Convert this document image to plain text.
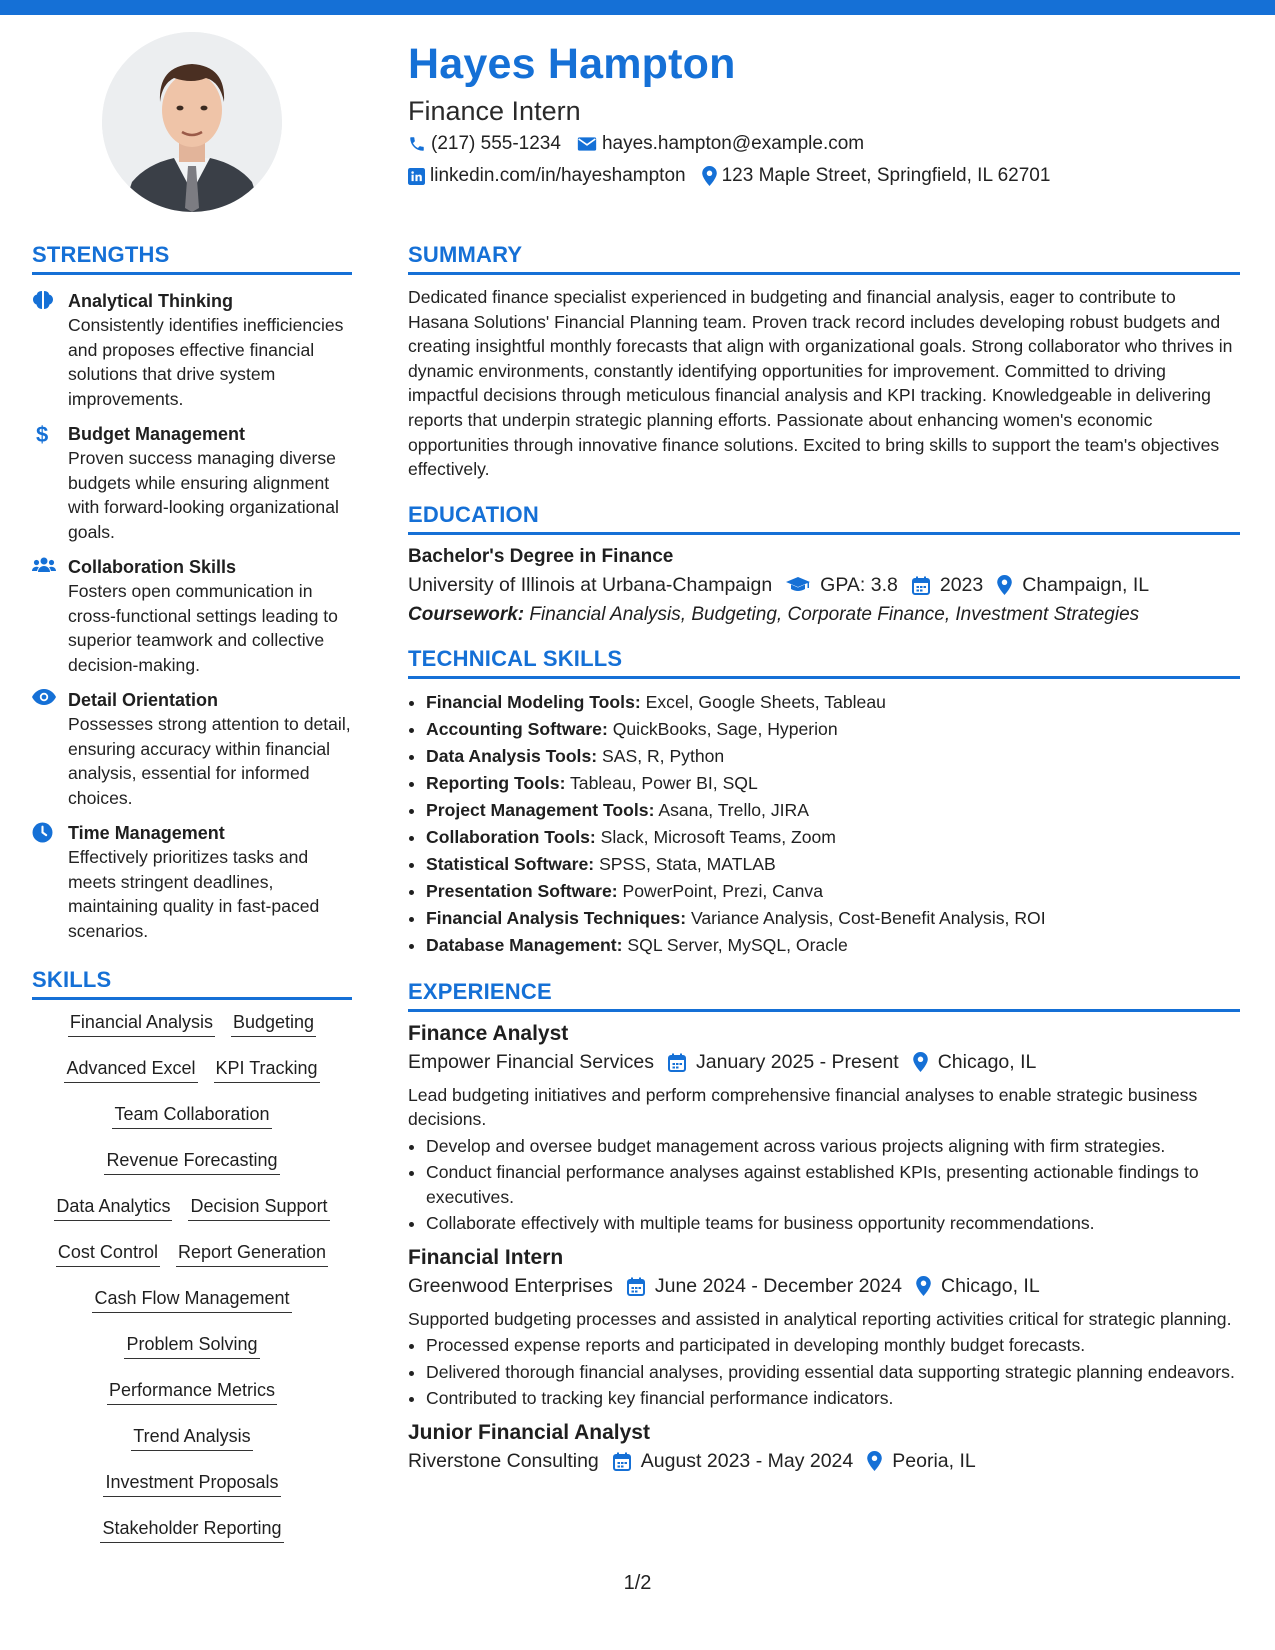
Hayes Hampton
Finance Intern
(217) 555-1234 hayes.hampton@example.com
linkedin.com/in/hayeshampton 123 Maple Street, Springfield, IL 62701
STRENGTHS
Analytical Thinking
Consistently identifies inefficiencies and proposes effective financial solutions that drive system improvements.
$ Budget Management
Proven success managing diverse budgets while ensuring alignment with forward-looking organizational goals.
Collaboration Skills
Fosters open communication in cross-functional settings leading to superior teamwork and collective decision-making.
Detail Orientation
Possesses strong attention to detail, ensuring accuracy within financial analysis, essential for informed choices.
Time Management
Effectively prioritizes tasks and meets stringent deadlines, maintaining quality in fast-paced scenarios.
SKILLS
Financial Analysis Budgeting
Advanced Excel KPI Tracking
Team Collaboration
Revenue Forecasting
Data Analytics Decision Support
Cost Control Report Generation
Cash Flow Management
Problem Solving
Performance Metrics
Trend Analysis
Investment Proposals
Stakeholder Reporting
SUMMARY

Dedicated finance specialist experienced in budgeting and financial analysis, eager to contribute to Hasana Solutions' Financial Planning team. Proven track record includes developing robust budgets and creating insightful monthly forecasts that align with organizational goals. Strong collaborator who thrives in dynamic environments, constantly identifying opportunities for improvement. Committed to driving impactful decisions through meticulous financial analysis and KPI tracking. Knowledgeable in delivering reports that underpin strategic planning efforts. Passionate about enhancing women's economic opportunities through innovative finance solutions. Excited to bring skills to support the team's objectives effectively.

EDUCATION
Bachelor's Degree in Finance
University of Illinois at Urbana-Champaign GPA: 3.8 2023 Champaign, IL
Coursework: Financial Analysis, Budgeting, Corporate Finance, Investment Strategies
TECHNICAL SKILLS
• Financial Modeling Tools: Excel, Google Sheets, Tableau
• Accounting Software: QuickBooks, Sage, Hyperion
• Data Analysis Tools: SAS, R, Python
• Reporting Tools: Tableau, Power BI, SQL
• Project Management Tools: Asana, Trello, JIRA
• Collaboration Tools: Slack, Microsoft Teams, Zoom
• Statistical Software: SPSS, Stata, MATLAB
• Presentation Software: PowerPoint, Prezi, Canva
• Financial Analysis Techniques: Variance Analysis, Cost-Benefit Analysis, ROI
• Database Management: SQL Server, MySQL, Oracle
EXPERIENCE
Finance Analyst
Empower Financial Services January 2025 - Present Chicago, IL
Lead budgeting initiatives and perform comprehensive financial analyses to enable strategic business decisions.
• Develop and oversee budget management across various projects aligning with firm strategies.
• Conduct financial performance analyses against established KPIs, presenting actionable findings to executives.
• Collaborate effectively with multiple teams for business opportunity recommendations.
Financial Intern
Greenwood Enterprises June 2024 - December 2024 Chicago, IL
Supported budgeting processes and assisted in analytical reporting activities critical for strategic planning.
• Processed expense reports and participated in developing monthly budget forecasts.
• Delivered thorough financial analyses, providing essential data supporting strategic planning endeavors.
• Contributed to tracking key financial performance indicators.
Junior Financial Analyst
Riverstone Consulting August 2023 - May 2024 Peoria, IL
1/2
